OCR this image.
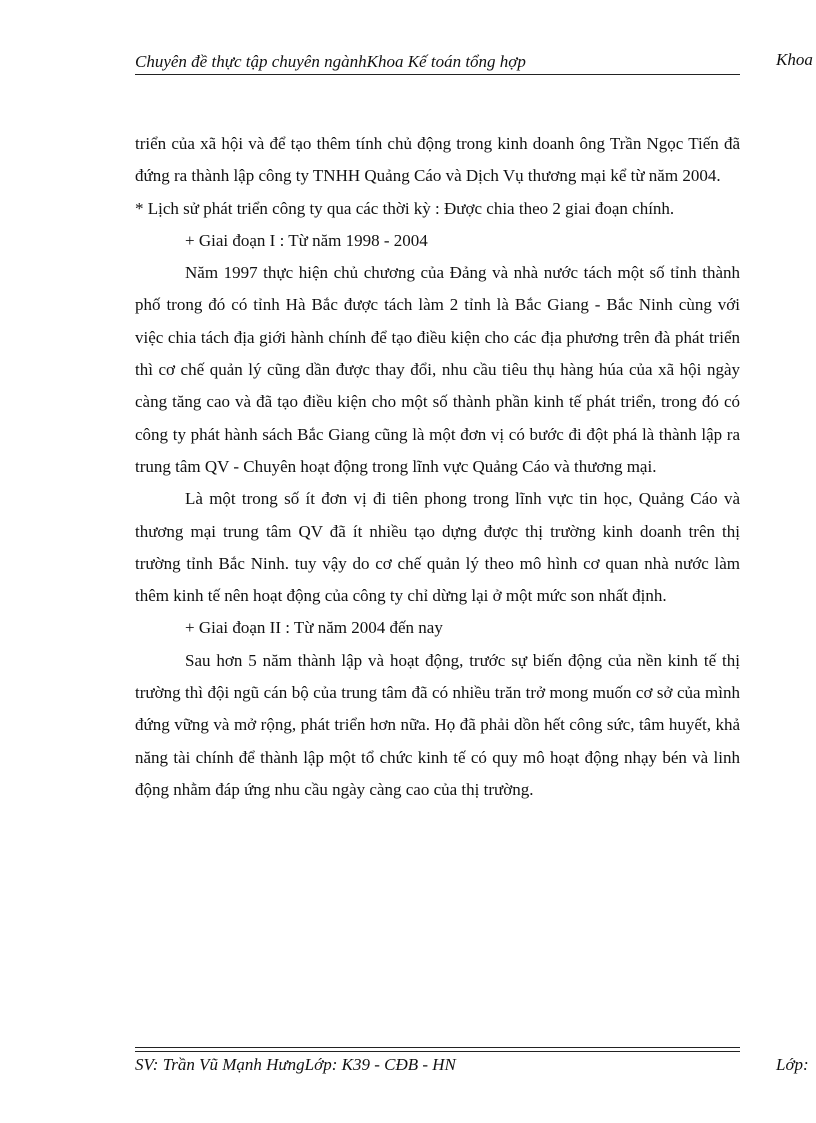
Chuyên đề thực tập chuyên ngànhKhoa Kế toán tổng hợp	Khoa

triển của xã hội và để tạo thêm tính chủ động trong kinh doanh ông Trần Ngọc Tiến đã đứng ra thành lập công ty TNHH Quảng Cáo và Dịch Vụ thương mại kể từ năm 2004.

* Lịch sử phát triển công ty qua các thời kỳ : Được chia theo 2 giai đoạn chính.

+ Giai đoạn I : Từ năm 1998 - 2004

Năm 1997 thực hiện chủ chương của Đảng và nhà nước tách một số tỉnh thành phố trong đó có tỉnh Hà Bắc được tách làm 2 tỉnh là Bắc Giang - Bắc Ninh cùng với việc chia tách địa giới hành chính để tạo điều kiện cho các địa phương trên đà phát triển thì cơ chế quản lý cũng dần được thay đổi, nhu cầu tiêu thụ hàng húa của xã hội ngày càng tăng cao và đã tạo điều kiện cho một số thành phần kinh tế phát triển, trong đó có công ty phát hành sách Bắc Giang cũng là một đơn vị có bước đi đột phá là thành lập ra trung tâm QV - Chuyên hoạt động trong lĩnh vực Quảng Cáo và thương mại.

Là một trong số ít đơn vị đi tiên phong trong lĩnh vực tin học, Quảng Cáo và thương mại trung tâm QV đã ít nhiều tạo dựng được thị trường kinh doanh trên thị trường tỉnh Bắc Ninh. tuy vậy do cơ chế quản lý theo mô hình cơ quan nhà nước làm thêm kinh tế nên hoạt động của công ty chỉ dừng lại ở một mức son nhất định.

+ Giai đoạn II : Từ năm 2004 đến nay

Sau hơn 5 năm thành lập và hoạt động, trước sự biến động của nền kinh tế thị trường thì đội ngũ cán bộ của trung tâm đã có nhiều trăn trở mong muốn cơ sở của mình đứng vững và mở rộng, phát triển hơn nữa. Họ đã phải dồn hết công sức, tâm huyết, khả năng tài chính để thành lập một tổ chức kinh tế có quy mô hoạt động nhạy bén và linh động nhằm đáp ứng nhu cầu ngày càng cao của thị trường.

SV: Trần Vũ Mạnh HưngLớp: K39 - CĐB - HN	Lớp:
